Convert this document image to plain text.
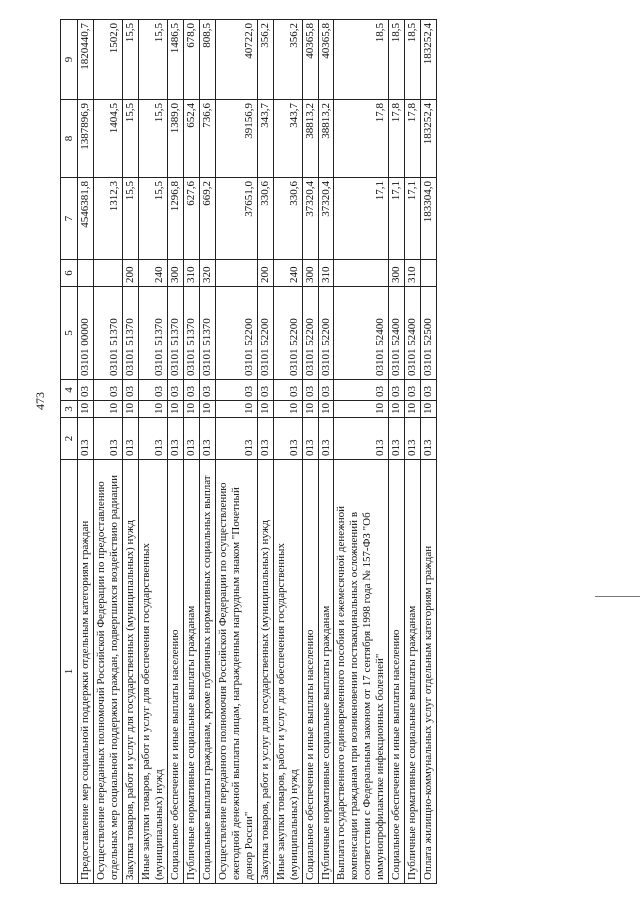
473
1	2	3	4	5	6	7	8	9
Предоставление мер социальной поддержки отдельным категориям граждан	013	10	03	03101 00000		4546381,8	1387896,9	1820440,7
Осуществление переданных полномочий Российской Федерации по предоставлению отдельных мер социальной поддержки граждан, подвергшихся воздействию радиации	013	10	03	03101 51370		1312,3	1404,5	1502,0
Закупка товаров, работ и услуг для государственных (муниципальных) нужд	013	10	03	03101 51370	200	15,5	15,5	15,5
Иные закупки товаров, работ и услуг для обеспечения государственных (муниципальных) нужд	013	10	03	03101 51370	240	15,5	15,5	15,5
Социальное обеспечение и иные выплаты населению	013	10	03	03101 51370	300	1296,8	1389,0	1486,5
Публичные нормативные социальные выплаты гражданам	013	10	03	03101 51370	310	627,6	652,4	678,0
Социальные выплаты гражданам, кроме публичных нормативных социальных выплат	013	10	03	03101 51370	320	669,2	736,6	808,5
Осуществление переданного полномочия Российской Федерации по осуществлению ежегодной денежной выплаты лицам, награжденным нагрудным знаком "Почетный донор России"	013	10	03	03101 52200		37651,0	39156,9	40722,0
Закупка товаров, работ и услуг для государственных (муниципальных) нужд	013	10	03	03101 52200	200	330,6	343,7	356,2
Иные закупки товаров, работ и услуг для обеспечения государственных (муниципальных) нужд	013	10	03	03101 52200	240	330,6	343,7	356,2
Социальное обеспечение и иные выплаты населению	013	10	03	03101 52200	300	37320,4	38813,2	40365,8
Публичные нормативные социальные выплаты гражданам	013	10	03	03101 52200	310	37320,4	38813,2	40365,8
Выплата государственного единовременного пособия и ежемесячной денежной компенсации гражданам при возникновении поствакцинальных осложнений в соответствии с Федеральным законом от 17 сентября 1998 года № 157-ФЗ "Об иммунопрофилактике инфекционных болезней"	013	10	03	03101 52400		17,1	17,8	18,5
Социальное обеспечение и иные выплаты населению	013	10	03	03101 52400	300	17,1	17,8	18,5
Публичные нормативные социальные выплаты гражданам	013	10	03	03101 52400	310	17,1	17,8	18,5
Оплата жилищно-коммунальных услуг отдельным категориям граждан	013	10	03	03101 52500		183304,0	183252,4	183252,4
